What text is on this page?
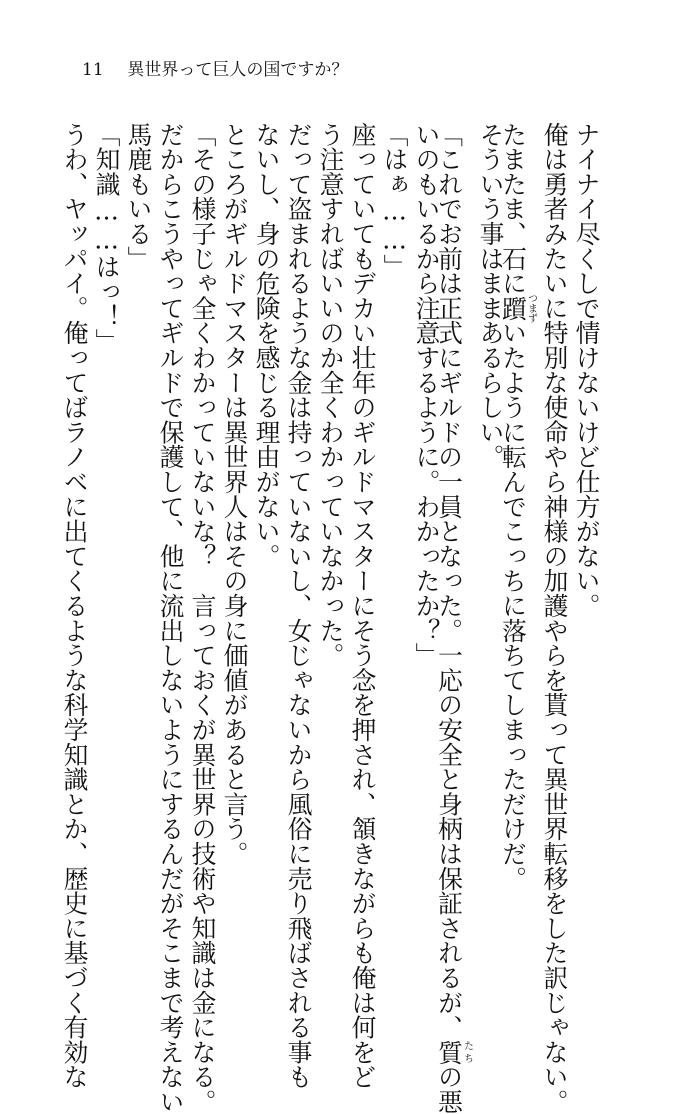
11 異世界って巨人の国ですか？
ナイナイ尽くしで情けないけど仕方がない。
俺は勇者みたいに特別な使命やら神様の加護やらを貰って異世界転移をした訳じゃない。
たまたま、石に躓つまずいたように転んでこっちに落ちてしまっただけだ。
そういう事はままあるらしい。
「これでお前は正式にギルドの一員となった。一応の安全と身柄は保証されるが、質たちの悪
いのもいるから注意するように。わかったか？」
「はぁ……」
座っていてもデカい壮年のギルドマスターにそう念を押され、頷きながらも俺は何をど
う注意すればいいのか全くわかっていなかった。
だって盗まれるような金は持っていないし、女じゃないから風俗に売り飛ばされる事も
ないし、身の危険を感じる理由がない。
ところがギルドマスターは異世界人はその身に価値があると言う。
「その様子じゃ全くわかっていないな？　言っておくが異世界の技術や知識は金になる。
だからこうやってギルドで保護して、他に流出しないようにするんだがそこまで考えない
馬鹿もいる」
「知識……はっ！」
うわ、ヤッパイ。俺ってばラノベに出てくるような科学知識とか、歴史に基づく有効な
